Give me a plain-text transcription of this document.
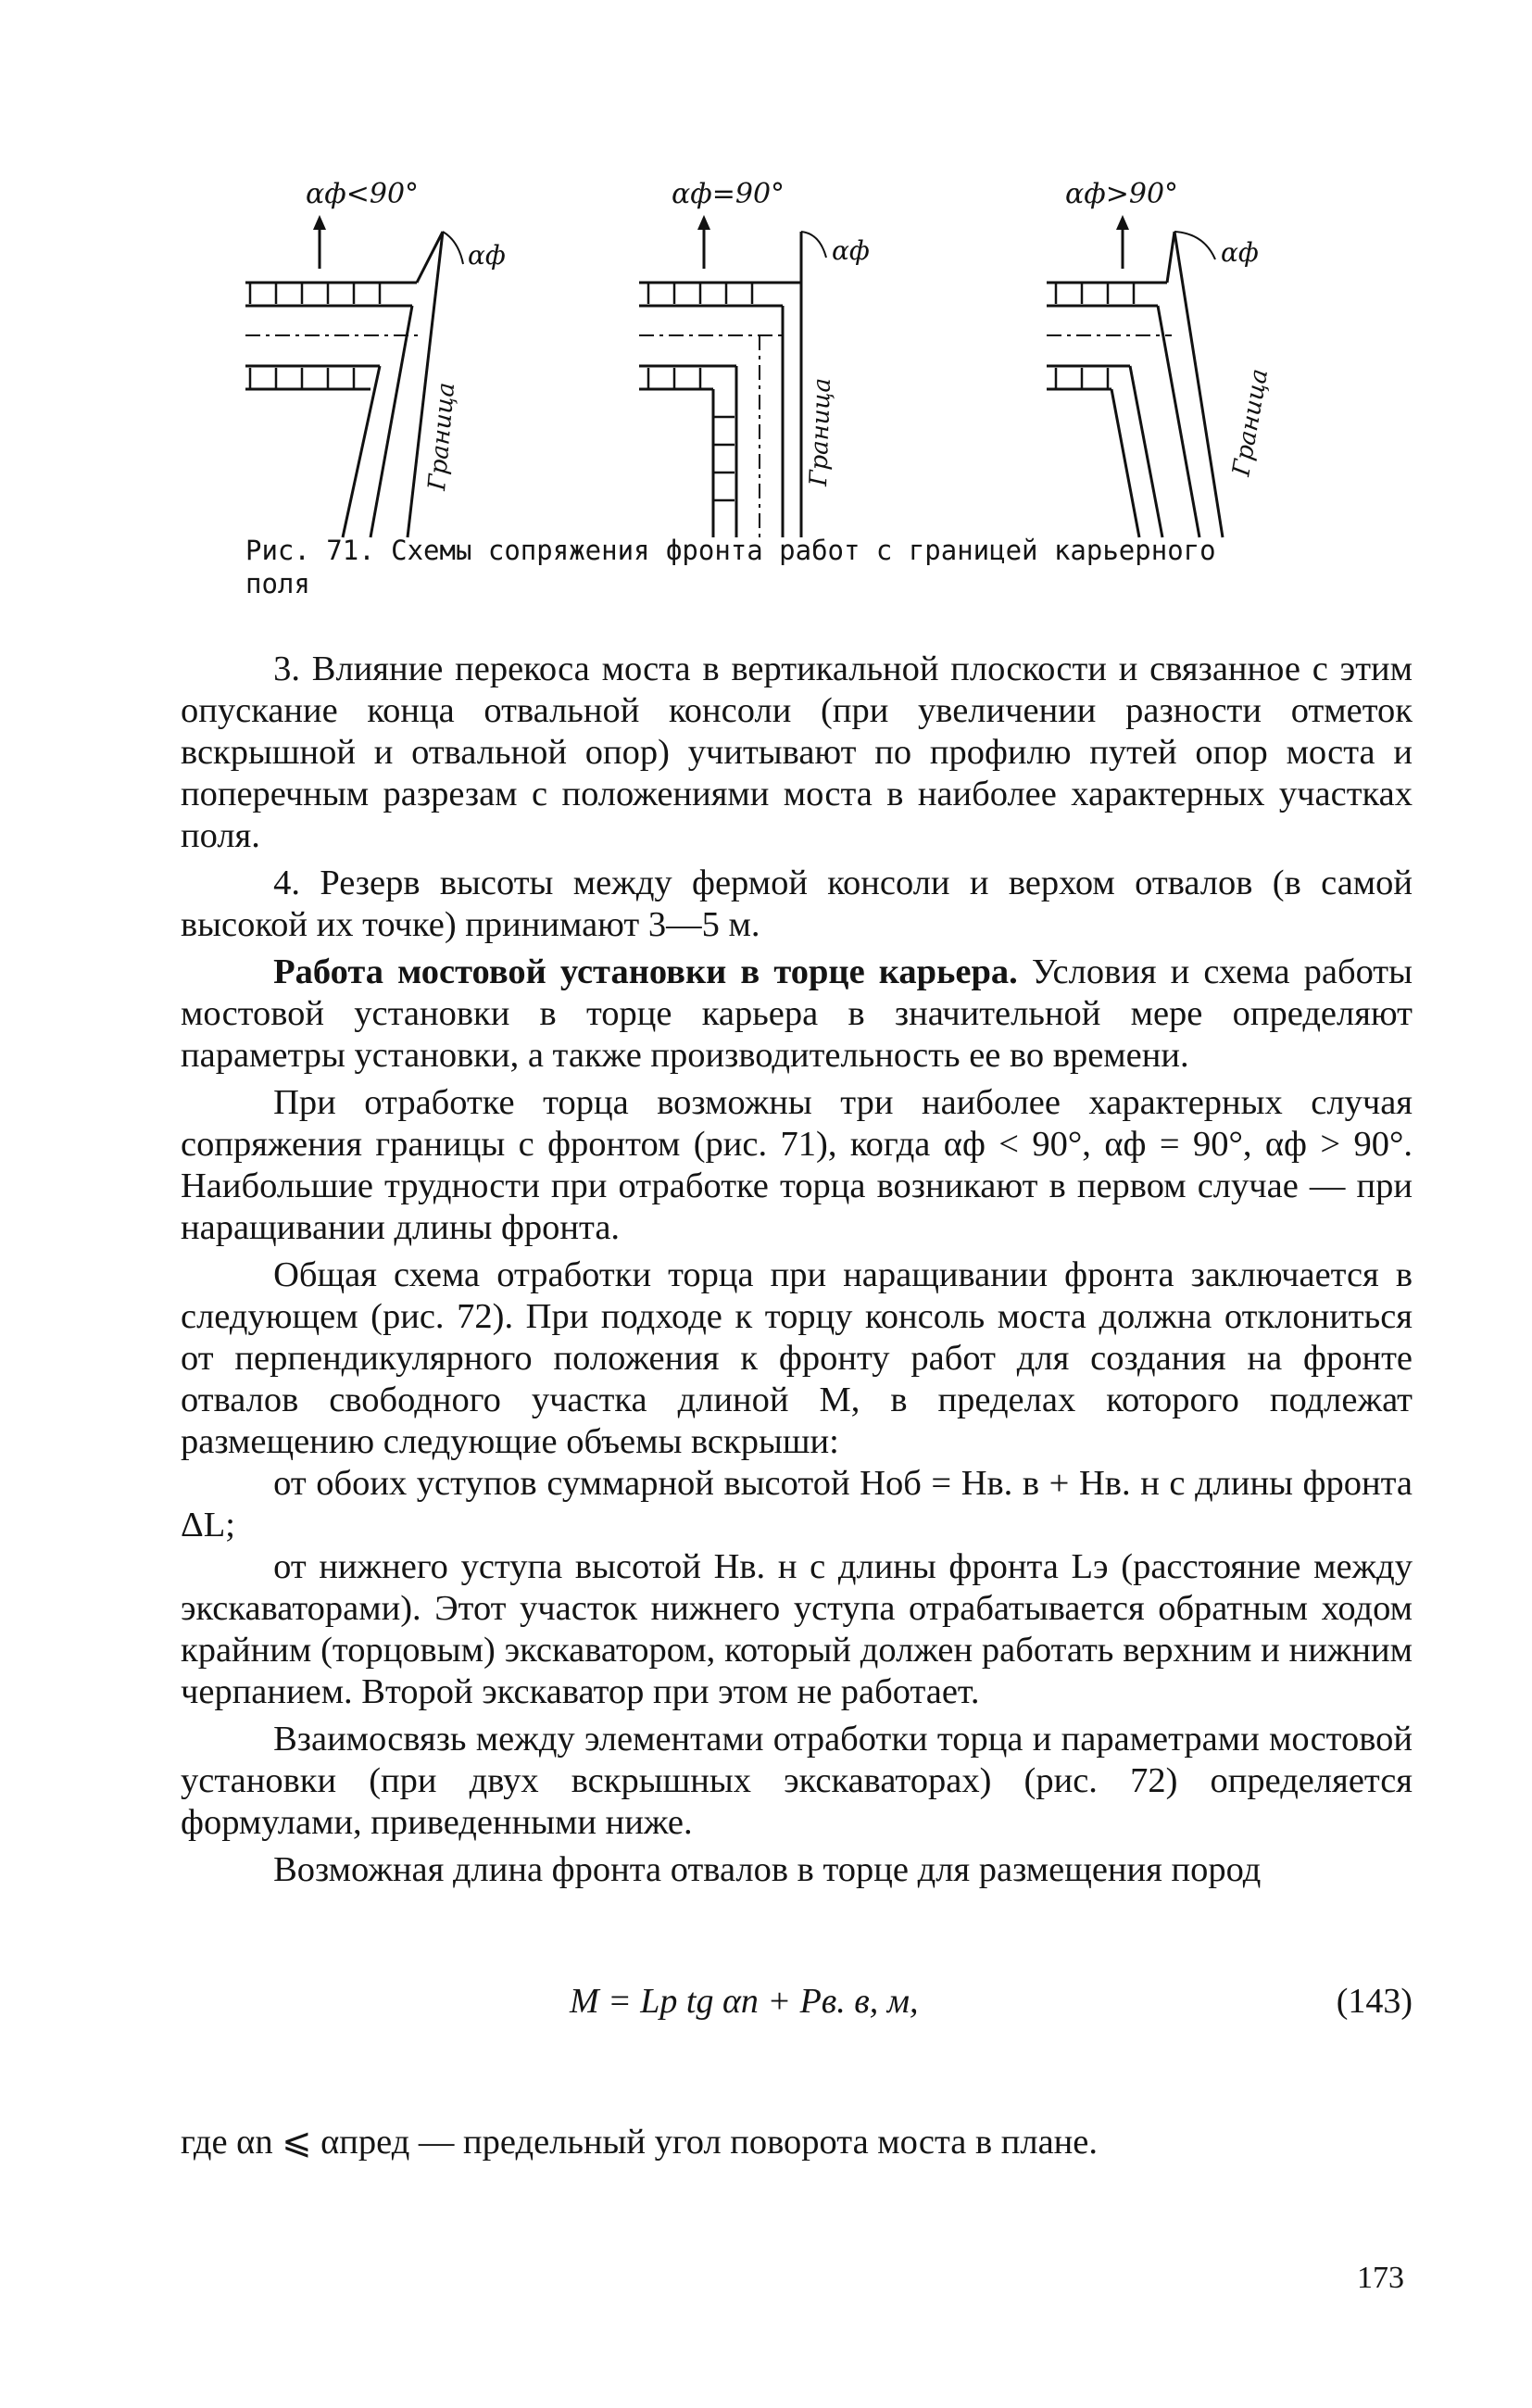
αф<90°
αф
Граница
αф=90°
αф
Граница
αф>90°
αф
Граница
Рис. 71. Схемы сопряжения фронта работ с границей карьерного поля

3. Влияние перекоса моста в вертикальной плоскости и связанное с этим опускание конца отвальной консоли (при увеличении разности отметок вскрышной и отвальной опор) учитывают по профилю путей опор моста и поперечным разрезам с положениями моста в наиболее характерных участках поля.

4. Резерв высоты между фермой консоли и верхом отвалов (в самой высокой их точке) принимают 3—5 м.

Работа мостовой установки в торце карьера. Условия и схема работы мостовой установки в торце карьера в значительной мере определяют параметры установки, а также производительность ее во времени.

При отработке торца возможны три наиболее характерных случая сопряжения границы с фронтом (рис. 71), когда αф < 90°, αф = 90°, αф > 90°. Наибольшие трудности при отработке торца возникают в первом случае — при наращивании длины фронта.

Общая схема отработки торца при наращивании фронта заключается в следующем (рис. 72). При подходе к торцу консоль моста должна отклониться от перпендикулярного положения к фронту работ для создания на фронте отвалов свободного участка длиной M, в пределах которого подлежат размещению следующие объемы вскрыши:

от обоих уступов суммарной высотой Hоб = Hв. в + Hв. н с длины фронта ΔL;

от нижнего уступа высотой Hв. н с длины фронта Lэ (расстояние между экскаваторами). Этот участок нижнего уступа отрабатывается обратным ходом крайним (торцовым) экскаватором, который должен работать верхним и нижним черпанием. Второй экскаватор при этом не работает.

Взаимосвязь между элементами отработки торца и параметрами мостовой установки (при двух вскрышных экскаваторах) (рис. 72) определяется формулами, приведенными ниже.

Возможная длина фронта отвалов в торце для размещения пород

M = Lp tg αn + Pв. в, м,	(143)
где αn ⩽ αпред — предельный угол поворота моста в плане.
173
